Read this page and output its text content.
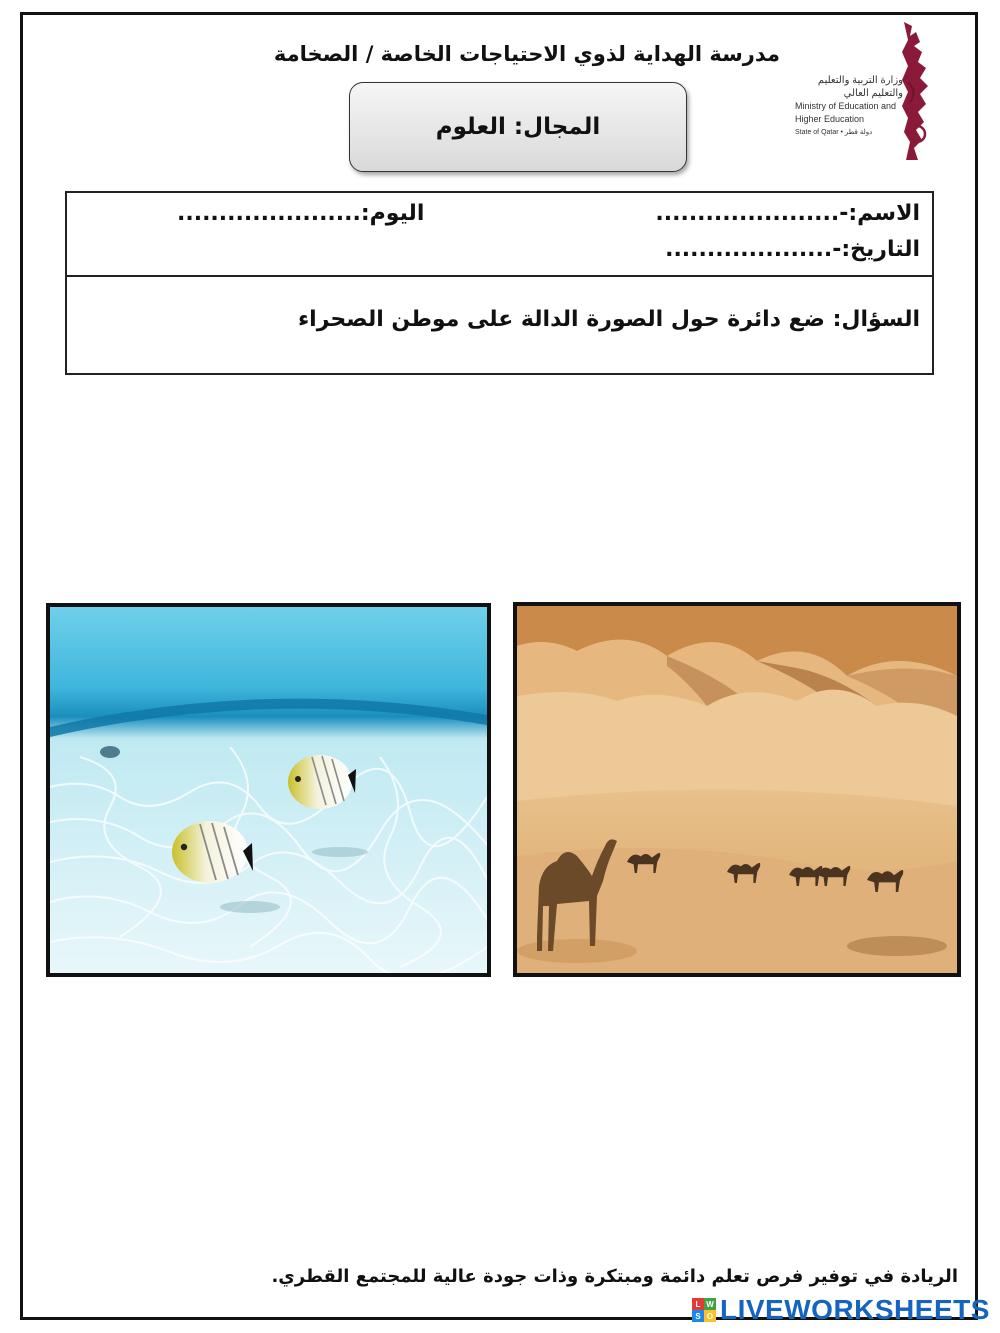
مدرسة الهداية لذوي الاحتياجات الخاصة / الصخامة
وزارة التربية والتعليم والتعليم العالي
Ministry of Education and Higher Education
State of Qatar • دولة قطر
المجال: العلوم
الاسم:-......................
اليوم:......................
التاريخ:-....................
السؤال: ضع دائرة حول الصورة الدالة على موطن الصحراء
الريادة في توفير فرص تعلم دائمة ومبتكرة وذات جودة عالية للمجتمع القطري.
L W
S O LIVEWORKSHEETS
